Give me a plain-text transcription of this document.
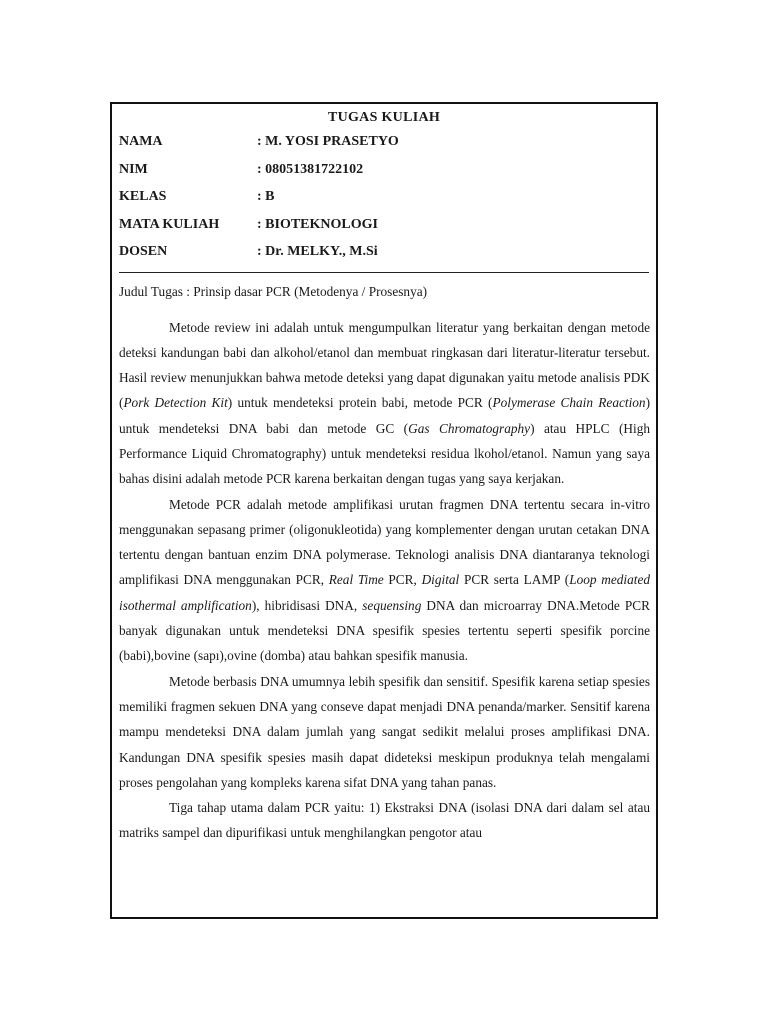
TUGAS KULIAH
NAMA	: M. YOSI PRASETYO
NIM	: 08051381722102
KELAS	: B
MATA KULIAH	: BIOTEKNOLOGI
DOSEN	: Dr. MELKY., M.Si
Judul Tugas : Prinsip dasar PCR (Metodenya / Prosesnya)

Metode review ini adalah untuk mengumpulkan literatur yang berkaitan dengan metode deteksi kandungan babi dan alkohol/etanol dan membuat ringkasan dari literatur-literatur tersebut. Hasil review menunjukkan bahwa metode deteksi yang dapat digunakan yaitu metode analisis PDK (Pork Detection Kit) untuk mendeteksi protein babi, metode PCR (Polymerase Chain Reaction) untuk mendeteksi DNA babi dan metode GC (Gas Chromatography) atau HPLC (High Performance Liquid Chromatography) untuk mendeteksi residua lkohol/etanol. Namun yang saya bahas disini adalah metode PCR karena berkaitan dengan tugas yang saya kerjakan.

Metode PCR adalah metode amplifikasi urutan fragmen DNA tertentu secara in-vitro menggunakan sepasang primer (oligonukleotida) yang komplementer dengan urutan cetakan DNA tertentu dengan bantuan enzim DNA polymerase. Teknologi analisis DNA diantaranya teknologi amplifikasi DNA menggunakan PCR, Real Time PCR, Digital PCR serta LAMP (Loop mediated isothermal amplification), hibridisasi DNA, sequensing DNA dan microarray DNA.Metode PCR banyak digunakan untuk mendeteksi DNA spesifik spesies tertentu seperti spesifik porcine (babi),bovine (sapı),ovine (domba) atau bahkan spesifik manusia.

Metode berbasis DNA umumnya lebih spesifik dan sensitif. Spesifik karena setiap spesies memiliki fragmen sekuen DNA yang conseve dapat menjadi DNA penanda/marker. Sensitif karena mampu mendeteksi DNA dalam jumlah yang sangat sedikit melalui proses amplifikasi DNA. Kandungan DNA spesifik spesies masih dapat dideteksi meskipun produknya telah mengalami proses pengolahan yang kompleks karena sifat DNA yang tahan panas.

Tiga tahap utama dalam PCR yaitu: 1) Ekstraksi DNA (isolasi DNA dari dalam sel atau matriks sampel dan dipurifikasi untuk menghilangkan pengotor atau
